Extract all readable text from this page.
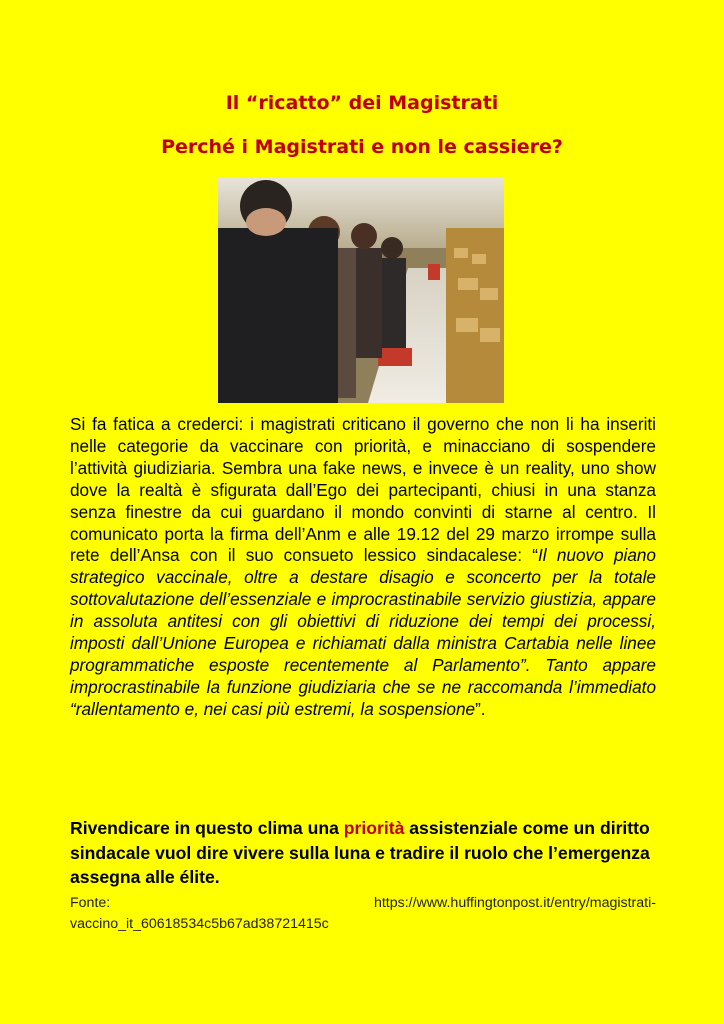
Il “ricatto” dei Magistrati
Perché i Magistrati e non le cassiere?

Si fa fatica a crederci: i magistrati criticano il governo che non li ha inseriti nelle categorie da vaccinare con priorità, e minacciano di sospendere l’attività giudiziaria. Sembra una fake news, e invece è un reality, uno show dove la realtà è sfigurata dall’Ego dei partecipanti, chiusi in una stanza senza finestre da cui guardano il mondo convinti di starne al centro. Il comunicato porta la firma dell’Anm e alle 19.12 del 29 marzo irrompe sulla rete dell’Ansa con il suo consueto lessico sindacalese: “Il nuovo piano strategico vaccinale, oltre a destare disagio e sconcerto per la totale sottovalutazione dell’essenziale e improcrastinabile servizio giustizia, appare in assoluta antitesi con gli obiettivi di riduzione dei tempi dei processi, imposti dall’Unione Europea e richiamati dalla ministra Cartabia nelle linee programmatiche esposte recentemente al Parlamento”. Tanto appare improcrastinabile la funzione giudiziaria che se ne raccomanda l’immediato “rallentamento e, nei casi più estremi, la sospensione”.

Rivendicare in questo clima una priorità assistenziale come un diritto sindacale vuol dire vivere sulla luna e tradire il ruolo che l’emergenza assegna alle élite.

Fonte:	https://www.huffingtonpost.it/entry/magistrati-
vaccino_it_60618534c5b67ad38721415c
